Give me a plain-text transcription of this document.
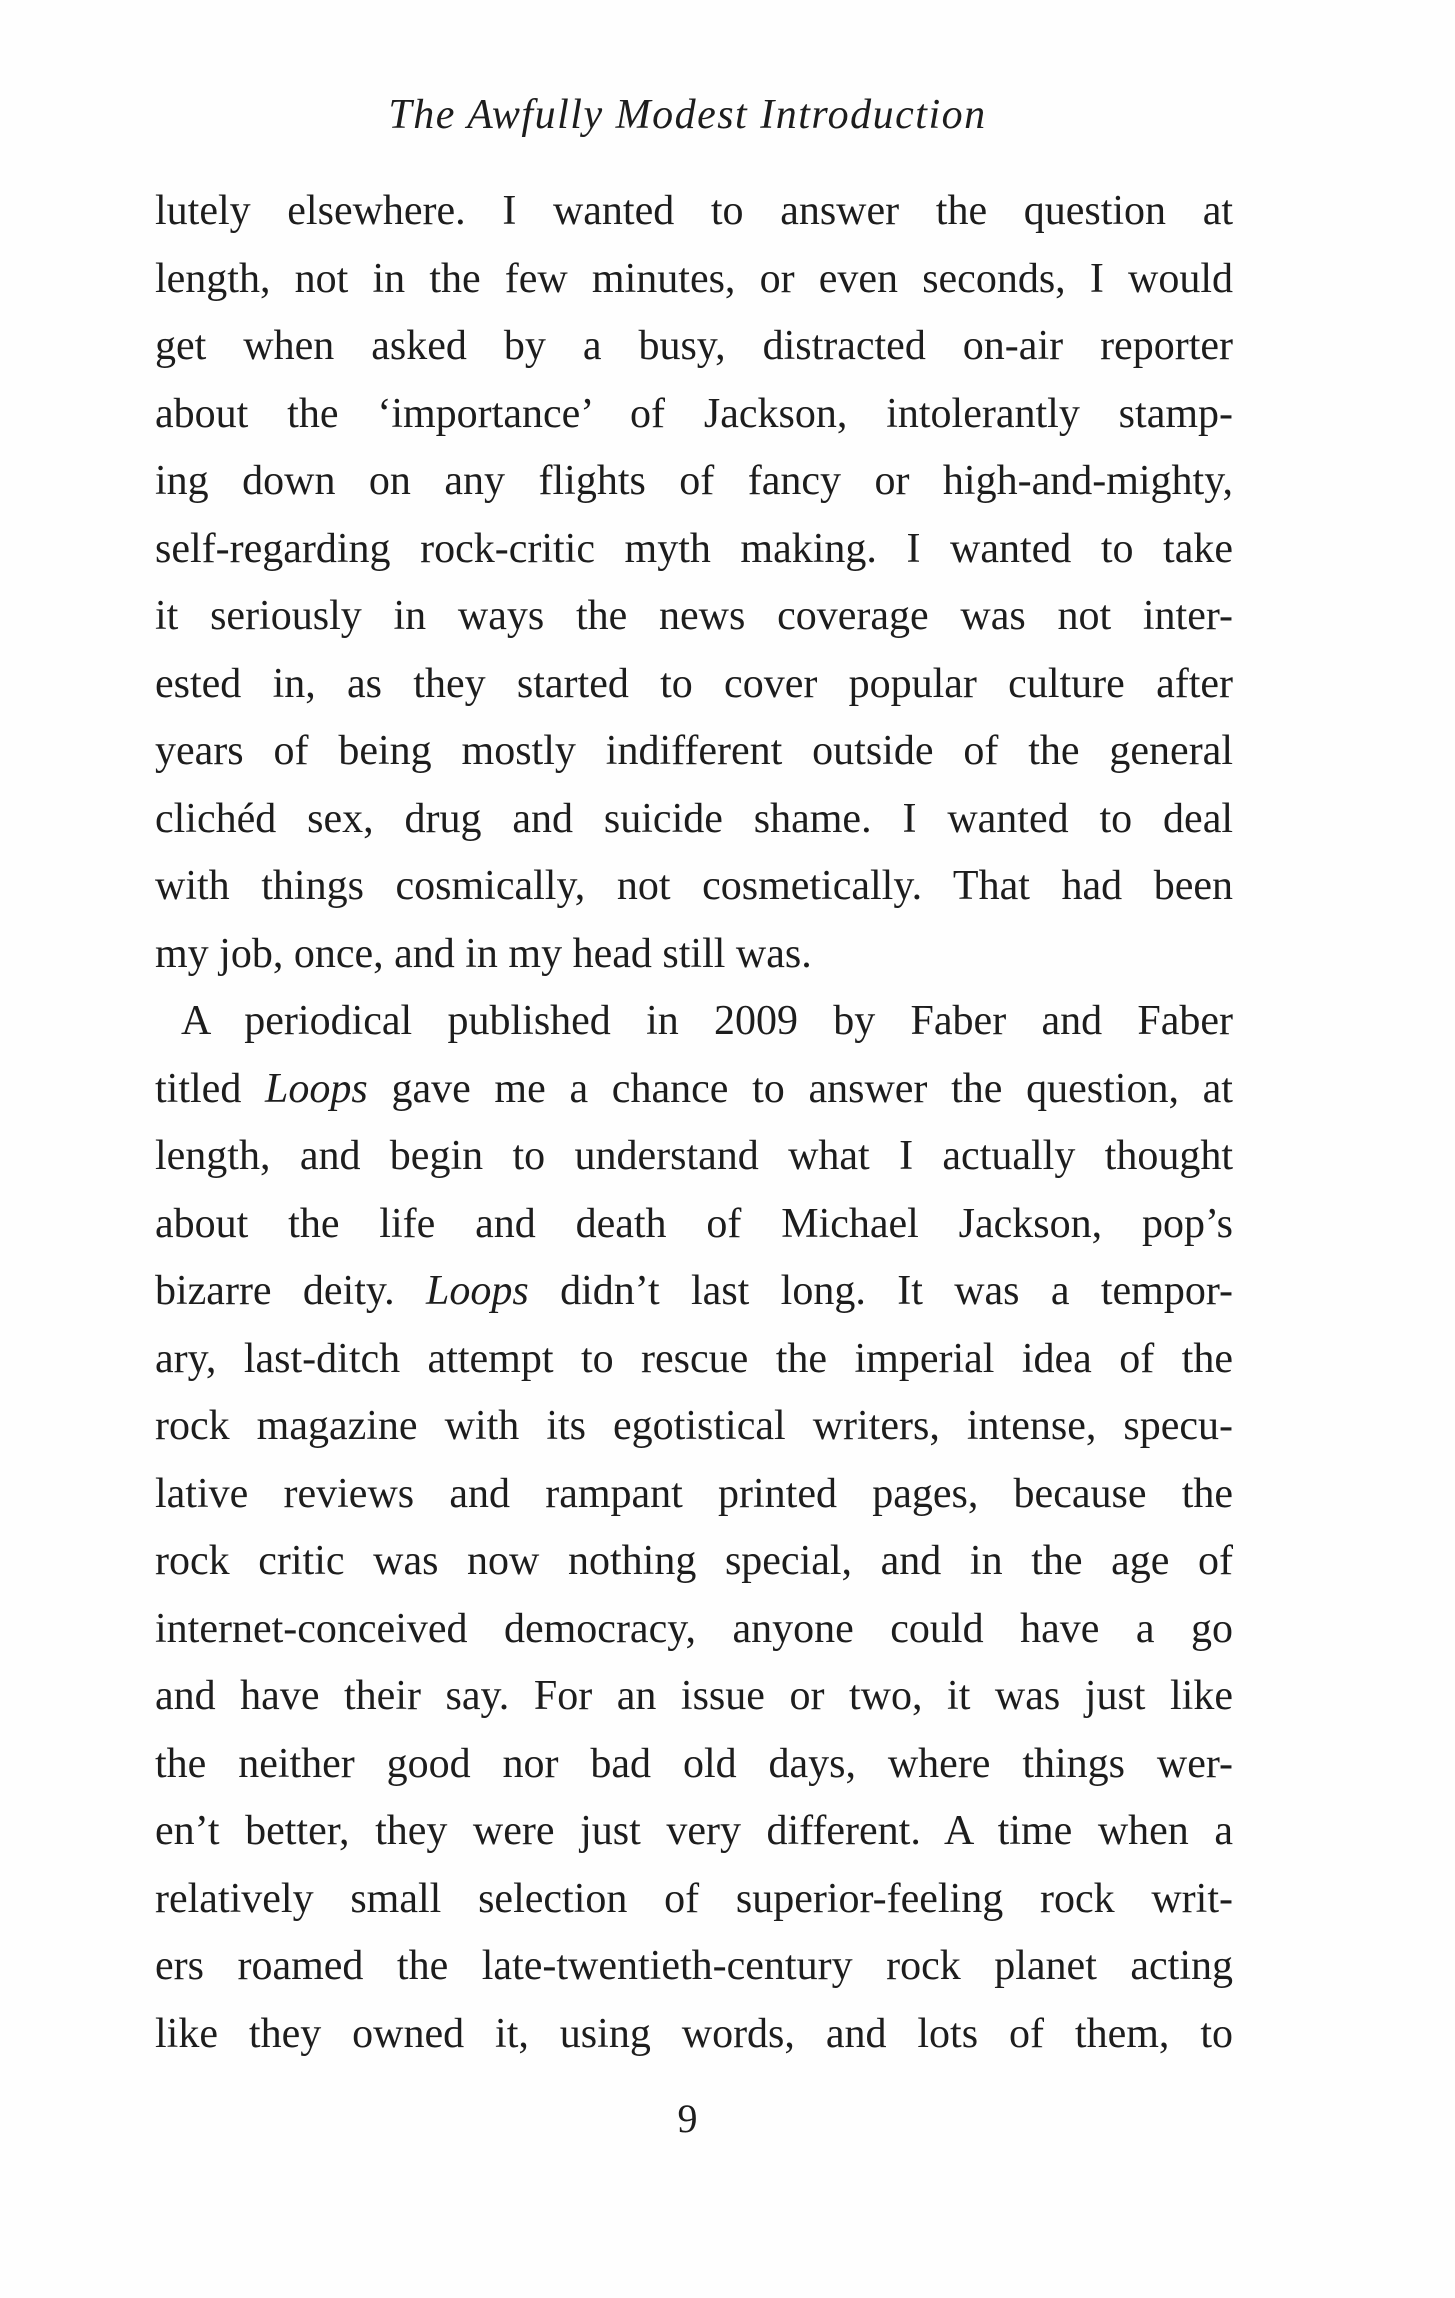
The Awfully Modest Introduction
lutely elsewhere. I wanted to answer the question at
length, not in the few minutes, or even seconds, I would
get when asked by a busy, distracted on-air reporter
about the ‘importance’ of Jackson, intolerantly stamp-
ing down on any flights of fancy or high-and-mighty,
self-regarding rock-critic myth making. I wanted to take
it seriously in ways the news coverage was not inter-
ested in, as they started to cover popular culture after
years of being mostly indifferent outside of the general
clichéd sex, drug and suicide shame. I wanted to deal
with things cosmically, not cosmetically. That had been
my job, once, and in my head still was.
A periodical published in 2009 by Faber and Faber
titled Loops gave me a chance to answer the question, at
length, and begin to understand what I actually thought
about the life and death of Michael Jackson, pop’s
bizarre deity. Loops didn’t last long. It was a tempor-
ary, last-ditch attempt to rescue the imperial idea of the
rock magazine with its egotistical writers, intense, specu-
lative reviews and rampant printed pages, because the
rock critic was now nothing special, and in the age of
internet-conceived democracy, anyone could have a go
and have their say. For an issue or two, it was just like
the neither good nor bad old days, where things wer-
en’t better, they were just very different. A time when a
relatively small selection of superior-feeling rock writ-
ers roamed the late-twentieth-century rock planet acting
like they owned it, using words, and lots of them, to
9
